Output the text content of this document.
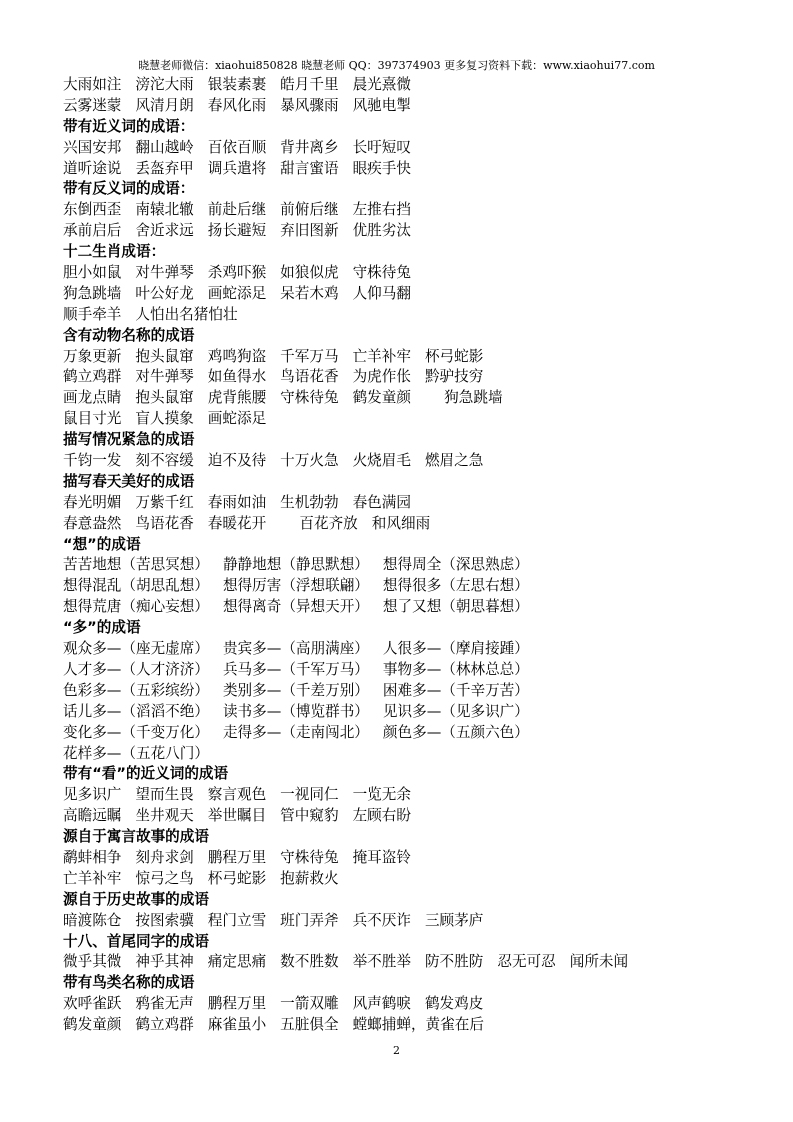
晓慧老师微信：xiaohui850828 晓慧老师 QQ：397374903 更多复习资料下载：www.xiaohui77.com
大雨如注 滂沱大雨 银装素裹 皓月千里 晨光熹微
云雾迷蒙 风清月朗 春风化雨 暴风骤雨 风驰电掣
带有近义词的成语：
兴国安邦 翻山越岭 百依百顺 背井离乡 长吁短叹
道听途说 丢盔弃甲 调兵遣将 甜言蜜语 眼疾手快
带有反义词的成语：
东倒西歪 南辕北辙 前赴后继 前俯后继 左推右挡
承前启后 舍近求远 扬长避短 弃旧图新 优胜劣汰
十二生肖成语：
胆小如鼠 对牛弹琴 杀鸡吓猴 如狼似虎 守株待兔
狗急跳墙 叶公好龙 画蛇添足 呆若木鸡 人仰马翻
顺手牵羊 人怕出名猪怕壮
含有动物名称的成语
万象更新 抱头鼠窜 鸡鸣狗盗 千军万马 亡羊补牢 杯弓蛇影
鹤立鸡群 对牛弹琴 如鱼得水 鸟语花香 为虎作伥 黔驴技穷
画龙点睛 抱头鼠窜 虎背熊腰 守株待兔 鹤发童颜　 狗急跳墙
鼠目寸光 盲人摸象 画蛇添足
描写情况紧急的成语
千钧一发 刻不容缓 迫不及待 十万火急 火烧眉毛 燃眉之急
描写春天美好的成语
春光明媚 万紫千红 春雨如油 生机勃勃 春色满园
春意盎然 鸟语花香 春暖花开　 百花齐放 和风细雨
“想”的成语
苦苦地想（苦思冥想） 静静地想（静思默想） 想得周全（深思熟虑）
想得混乱（胡思乱想） 想得厉害（浮想联翩） 想得很多（左思右想）
想得荒唐（痴心妄想） 想得离奇（异想天开） 想了又想（朝思暮想）
“多”的成语
观众多—（座无虚席） 贵宾多—（高朋满座） 人很多—（摩肩接踵）
人才多—（人才济济） 兵马多—（千军万马） 事物多—（林林总总）
色彩多—（五彩缤纷） 类别多—（千差万别） 困难多—（千辛万苦）
话儿多—（滔滔不绝） 读书多—（博览群书） 见识多—（见多识广）
变化多—（千变万化） 走得多—（走南闯北） 颜色多—（五颜六色）
花样多—（五花八门）
带有“看”的近义词的成语
见多识广 望而生畏 察言观色 一视同仁 一览无余
高瞻远瞩 坐井观天 举世瞩目 管中窥豹 左顾右盼
源自于寓言故事的成语
鹬蚌相争 刻舟求剑 鹏程万里 守株待兔 掩耳盗铃
亡羊补牢 惊弓之鸟 杯弓蛇影 抱薪救火
源自于历史故事的成语
暗渡陈仓 按图索骥 程门立雪 班门弄斧 兵不厌诈 三顾茅庐
十八、首尾同字的成语
微乎其微 神乎其神 痛定思痛 数不胜数 举不胜举 防不胜防 忍无可忍 闻所未闻
带有鸟类名称的成语
欢呼雀跃 鸦雀无声 鹏程万里 一箭双雕 风声鹤唳 鹤发鸡皮
鹤发童颜 鹤立鸡群 麻雀虽小 五脏俱全 螳螂捕蝉，黄雀在后
2
